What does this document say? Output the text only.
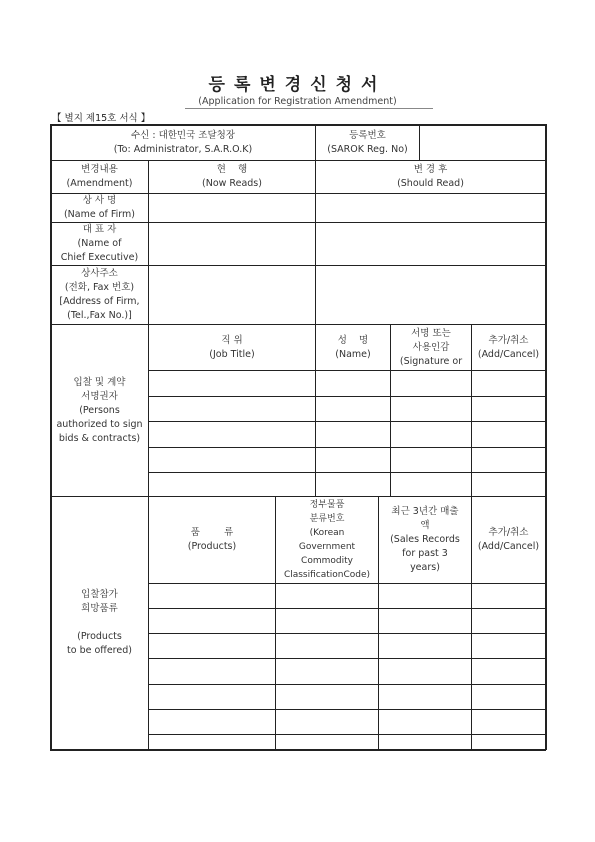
등록변경신청서
(Application for Registration Amendment)
【 별지 제15호 서식 】
수신 : 대한민국 조달청장
(To: Administrator, S.A.R.O.K)
등록번호
(SAROK Reg. No)
변경내용
(Amendment)
현    행
(Now Reads)
변 경 후
(Should Read)
상 사 명
(Name of Firm)
대 표 자
(Name of
Chief Executive)
상사주소
(전화, Fax 번호)
[Address of Firm,
(Tel.,Fax No.)]
입찰 및 계약
서명권자
(Persons
authorized to sign
bids & contracts)
직 위
(Job Title)
성    명
(Name)
서명 또는
사용인감
(Signature or
추가/취소
(Add/Cancel)
입찰참가
희망품류
(Products
to be offered)
품        류
(Products)
정부물품
분류번호
(Korean
Government
Commodity
ClassificationCode)
최근 3년간 매출
액
(Sales Records
for past 3
years)
추가/취소
(Add/Cancel)
